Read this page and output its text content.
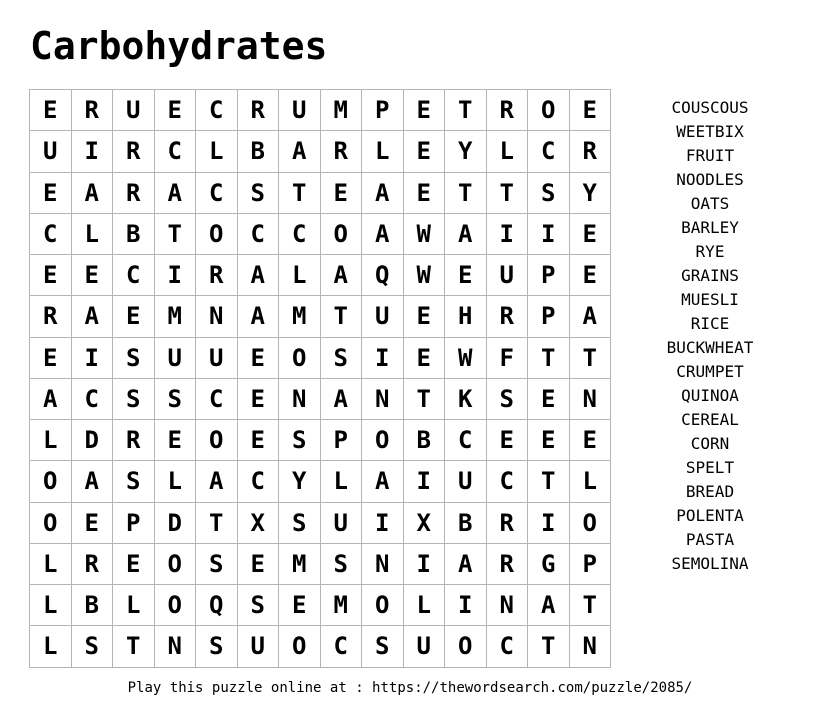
Carbohydrates
E	R	U	E	C	R	U	M	P	E	T	R	O	E
U	I	R	C	L	B	A	R	L	E	Y	L	C	R
E	A	R	A	C	S	T	E	A	E	T	T	S	Y
C	L	B	T	O	C	C	O	A	W	A	I	I	E
E	E	C	I	R	A	L	A	Q	W	E	U	P	E
R	A	E	M	N	A	M	T	U	E	H	R	P	A
E	I	S	U	U	E	O	S	I	E	W	F	T	T
A	C	S	S	C	E	N	A	N	T	K	S	E	N
L	D	R	E	O	E	S	P	O	B	C	E	E	E
O	A	S	L	A	C	Y	L	A	I	U	C	T	L
O	E	P	D	T	X	S	U	I	X	B	R	I	O
L	R	E	O	S	E	M	S	N	I	A	R	G	P
L	B	L	O	Q	S	E	M	O	L	I	N	A	T
L	S	T	N	S	U	O	C	S	U	O	C	T	N
COUSCOUS
WEETBIX
FRUIT
NOODLES
OATS
BARLEY
RYE
GRAINS
MUESLI
RICE
BUCKWHEAT
CRUMPET
QUINOA
CEREAL
CORN
SPELT
BREAD
POLENTA
PASTA
SEMOLINA
Play this puzzle online at : https://thewordsearch.com/puzzle/2085/
